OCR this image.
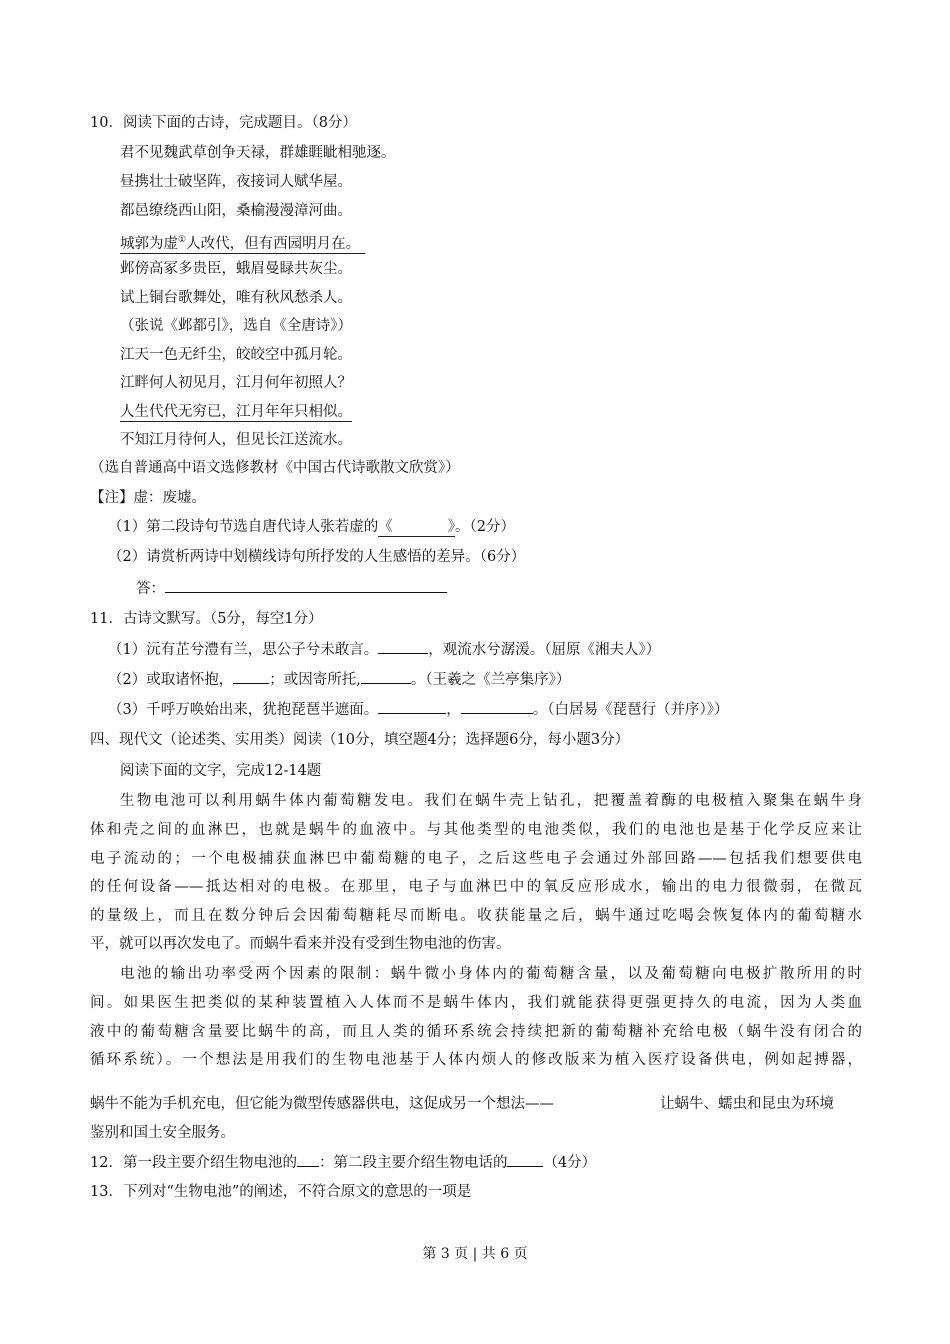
10．阅读下面的古诗，完成题目。（8分）
君不见魏武草创争天禄，群雄睚眦相驰逐。
昼携壮士破坚阵，夜接词人赋华屋。
都邑缭绕西山阳，桑榆漫漫漳河曲。
城郭为虚①人改代，但有西园明月在。
邺傍高冢多贵臣，蛾眉曼睩共灰尘。
试上铜台歌舞处，唯有秋风愁杀人。
（张说《邺都引》，选自《全唐诗》）
江天一色无纤尘，皎皎空中孤月轮。
江畔何人初见月，江月何年初照人？
人生代代无穷已，江月年年只相似。
不知江月待何人，但见长江送流水。
（选自普通高中语文选修教材《中国古代诗歌散文欣赏》）
【注】虚：废墟。
（1）第二段诗句节选自唐代诗人张若虚的《	》。（2分）
（2）请赏析两诗中划横线诗句所抒发的人生感悟的差异。（6分）
答：
11．古诗文默写。（5分，每空1分）
（1）沅有芷兮澧有兰，思公子兮未敢言。	，观流水兮潺湲。（屈原《湘夫人》）
（2）或取诸怀抱， ；或因寄所托,	。（王羲之《兰亭集序》）
（3）千呼万唤始出来，犹抱琵琶半遮面。	，	。（白居易《琵琶行（并序）》）
四、现代文（论述类、实用类）阅读（10分，填空题4分；选择题6分，每小题3分）
阅读下面的文字，完成12-14题
生物电池可以利用蜗牛体内葡萄糖发电。我们在蜗牛壳上钻孔，把覆盖着酶的电极植入聚集在蜗牛身
体和壳之间的血淋巴，也就是蜗牛的血液中。与其他类型的电池类似，我们的电池也是基于化学反应来让
电子流动的；一个电极捕获血淋巴中葡萄糖的电子，之后这些电子会通过外部回路——包括我们想要供电
的任何设备——抵达相对的电极。在那里，电子与血淋巴中的氧反应形成水，输出的电力很微弱，在微瓦
的量级上，而且在数分钟后会因葡萄糖耗尽而断电。收获能量之后，蜗牛通过吃喝会恢复体内的葡萄糖水
平，就可以再次发电了。而蜗牛看来并没有受到生物电池的伤害。
电池的输出功率受两个因素的限制：蜗牛微小身体内的葡萄糖含量，以及葡萄糖向电极扩散所用的时
间。如果医生把类似的某种装置植入人体而不是蜗牛体内，我们就能获得更强更持久的电流，因为人类血
液中的葡萄糖含量要比蜗牛的高，而且人类的循环系统会持续把新的葡萄糖补充给电极（蜗牛没有闭合的
循环系统）。一个想法是用我们的生物电池基于人体内烦人的修改版来为植入医疗设备供电，例如起搏器，
蜗牛不能为手机充电，但它能为微型传感器供电，这促成另一个想法——	让蜗牛、蠕虫和昆虫为环境
鉴别和国土安全服务。
12．第一段主要介绍生物电池的 ：第二段主要介绍生物电话的 （4分）
13．下列对“生物电池”的阐述，不符合原文的意思的一项是
第 3 页 | 共 6 页
